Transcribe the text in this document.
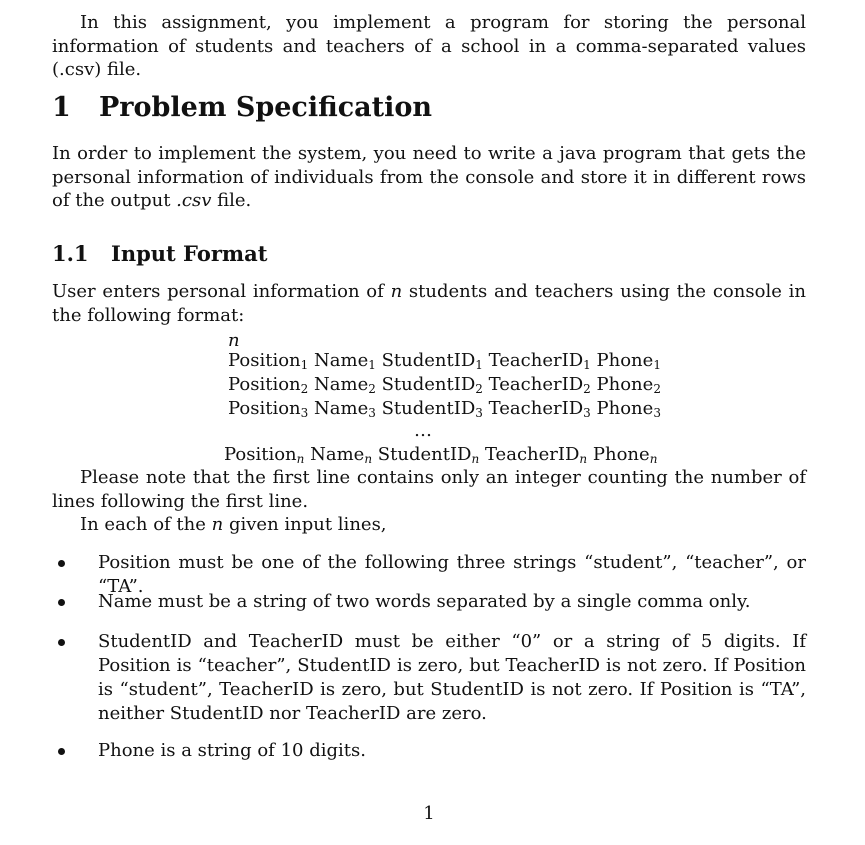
In this assignment, you implement a program for storing the personal information of students and teachers of a school in a comma-separated values (.csv) file.

1 Problem Specification

In order to implement the system, you need to write a java program that gets the personal information of individuals from the console and store it in different rows of the output .csv file.

1.1 Input Format

User enters personal information of n students and teachers using the console in the following format:

n
Position$_1$ Name$_1$ StudentID$_1$ TeacherID$_1$ Phone$_1$
Position$_2$ Name$_2$ StudentID$_2$ TeacherID$_2$ Phone$_2$
Position$_3$ Name$_3$ StudentID$_3$ TeacherID$_3$ Phone$_3$
…
Position$_n$ Name$_n$ StudentID$_n$ TeacherID$_n$ Phone$_n$

Please note that the first line contains only an integer counting the number of lines following the first line.

In each of the n given input lines,

Position must be one of the following three strings “student”, “teacher”, or “TA”.
Name must be a string of two words separated by a single comma only.
StudentID and TeacherID must be either “0” or a string of 5 digits. If Position is “teacher”, StudentID is zero, but TeacherID is not zero. If Position is “student”, TeacherID is zero, but StudentID is not zero. If Position is “TA”, neither StudentID nor TeacherID are zero.
Phone is a string of 10 digits.
1
